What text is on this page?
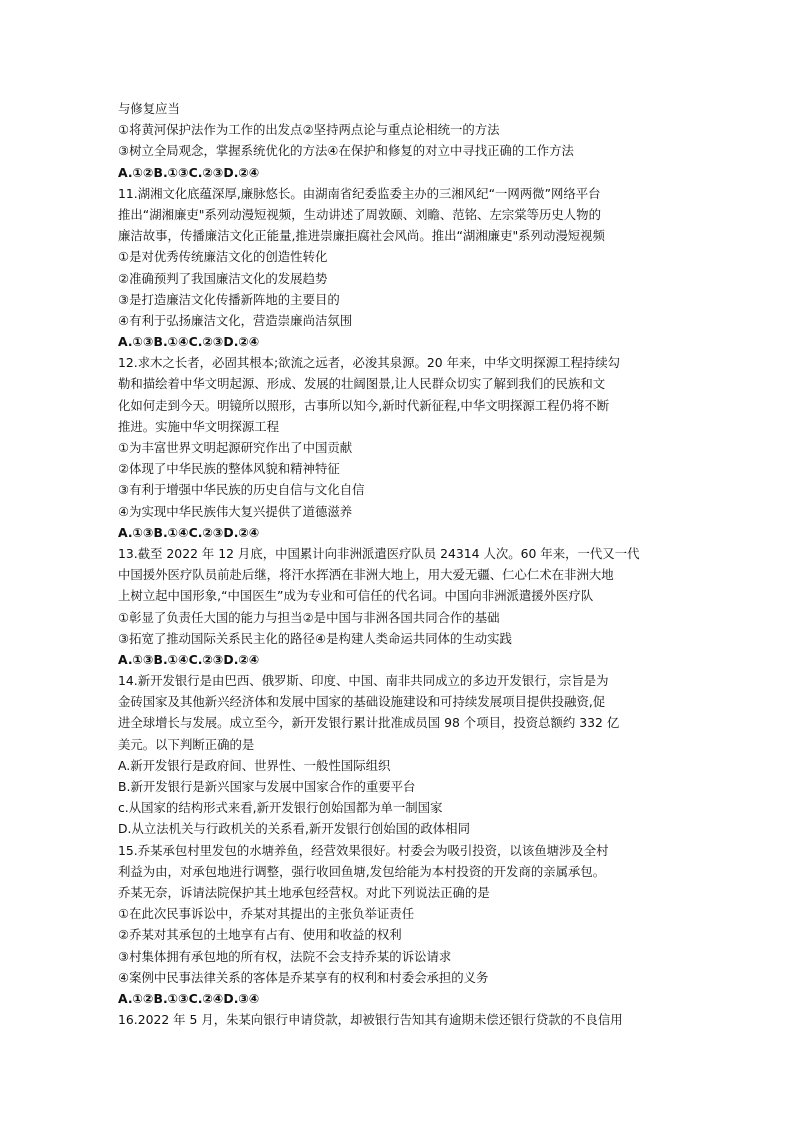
与修复应当
①将黄河保护法作为工作的出发点②坚持两点论与重点论相统一的方法
③树立全局观念，掌握系统优化的方法④在保护和修复的对立中寻找正确的工作方法
A.①②B.①③C.②③D.②④
11.湖湘文化底蕴深厚,廉脉悠长。由湖南省纪委监委主办的三湘风纪“一网两微”网络平台
推出“湖湘廉吏"系列动漫短视频，生动讲述了周敦颐、刘瞻、范铭、左宗棠等历史人物的
廉洁故事，传播廉洁文化正能量,推进崇廉拒腐社会风尚。推出“湖湘廉吏"系列动漫短视频
①是对优秀传统廉洁文化的创造性转化
②准确预判了我国廉洁文化的发展趋势
③是打造廉洁文化传播新阵地的主要目的
④有利于弘扬廉洁文化，营造崇廉尚洁氛围
A.①③B.①④C.②③D.②④
12.求木之长者，必固其根本;欲流之远者，必浚其泉源。20 年来，中华文明探源工程持续勾
勒和描绘着中华文明起源、形成、发展的壮阔图景,让人民群众切实了解到我们的民族和文
化如何走到今天。明镜所以照形，古事所以知今,新时代新征程,中华文明探源工程仍将不断
推进。实施中华文明探源工程
①为丰富世界文明起源研究作出了中国贡献
②体现了中华民族的整体风貌和精神特征
③有利于增强中华民族的历史自信与文化自信
④为实现中华民族伟大复兴提供了道德滋养
A.①③B.①④C.②③D.②④
13.截至 2022 年 12 月底，中国累计向非洲派遣医疗队员 24314 人次。60 年来，一代又一代
中国援外医疗队员前赴后继，将汗水挥洒在非洲大地上，用大爱无疆、仁心仁术在非洲大地
上树立起中国形象,“中国医生”成为专业和可信任的代名词。中国向非洲派遣援外医疗队
①彰显了负责任大国的能力与担当②是中国与非洲各国共同合作的基础
③拓宽了推动国际关系民主化的路径④是构建人类命运共同体的生动实践
A.①③B.①④C.②③D.②④
14.新开发银行是由巴西、俄罗斯、印度、中国、南非共同成立的多边开发银行，宗旨是为
金砖国家及其他新兴经济体和发展中国家的基础设施建设和可持续发展项目提供投融资,促
进全球增长与发展。成立至今，新开发银行累计批准成员国 98 个项目，投资总额约 332 亿
美元。以下判断正确的是
A.新开发银行是政府间、世界性、一般性国际组织
B.新开发银行是新兴国家与发展中国家合作的重要平台
c.从国家的结构形式来看,新开发银行创始国都为单一制国家
D.从立法机关与行政机关的关系看,新开发银行创始国的政体相同
15.乔某承包村里发包的水塘养鱼，经营效果很好。村委会为吸引投资，以该鱼塘涉及全村
利益为由，对承包地进行调整，强行收回鱼塘,发包给能为本村投资的开发商的亲属承包。
乔某无奈，诉请法院保护其土地承包经营权。对此下列说法正确的是
①在此次民事诉讼中，乔某对其提出的主张负举证责任
②乔某对其承包的土地享有占有、使用和收益的权利
③村集体拥有承包地的所有权，法院不会支持乔某的诉讼请求
④案例中民事法律关系的客体是乔某享有的权利和村委会承担的义务
A.①②B.①③C.②④D.③④
16.2022 年 5 月，朱某向银行申请贷款，却被银行告知其有逾期未偿还银行贷款的不良信用
